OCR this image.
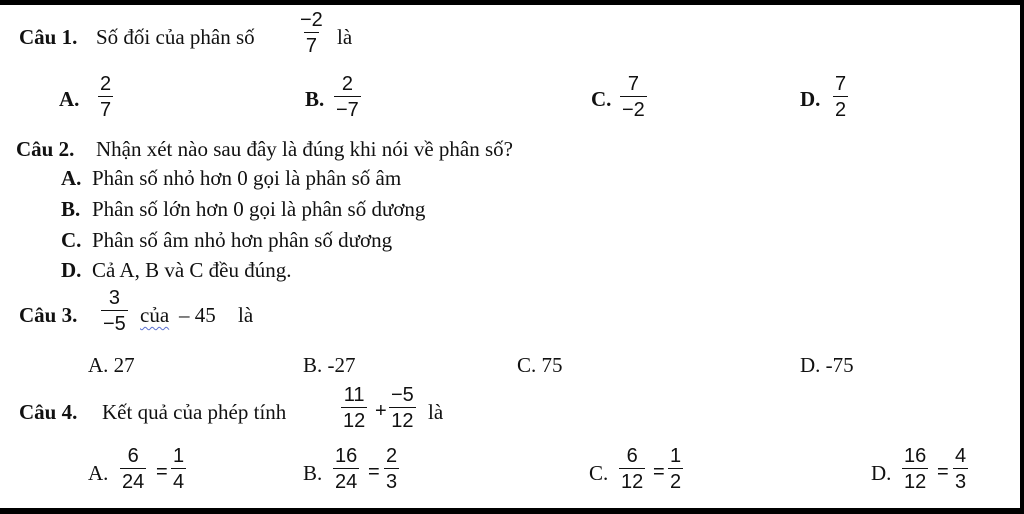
Câu 1. Số đối của phân số $\frac{-2}{7}$ là
A. $\frac{2}{7}$	B. $\frac{2}{-7}$	C. $\frac{7}{-2}$	D. $\frac{7}{2}$
Câu 2. Nhận xét nào sau đây là đúng khi nói về phân số?
A. Phân số nhỏ hơn 0 gọi là phân số âm
B. Phân số lớn hơn 0 gọi là phân số dương
C. Phân số âm nhỏ hơn phân số dương
D. Cả A, B và C đều đúng.
Câu 3. $\frac{3}{-5}$ của – 45 là
A. 27	B. -27	C. 75	D. -75
Câu 4. Kết quả của phép tính	$\frac{11}{12} + \frac{-5}{12}$ là
A. $\frac{6}{24} = \frac{1}{4}$	B. $\frac{16}{24} = \frac{2}{3}$	C. $\frac{6}{12} = \frac{1}{2}$	D. $\frac{16}{12} = \frac{4}{3}$
